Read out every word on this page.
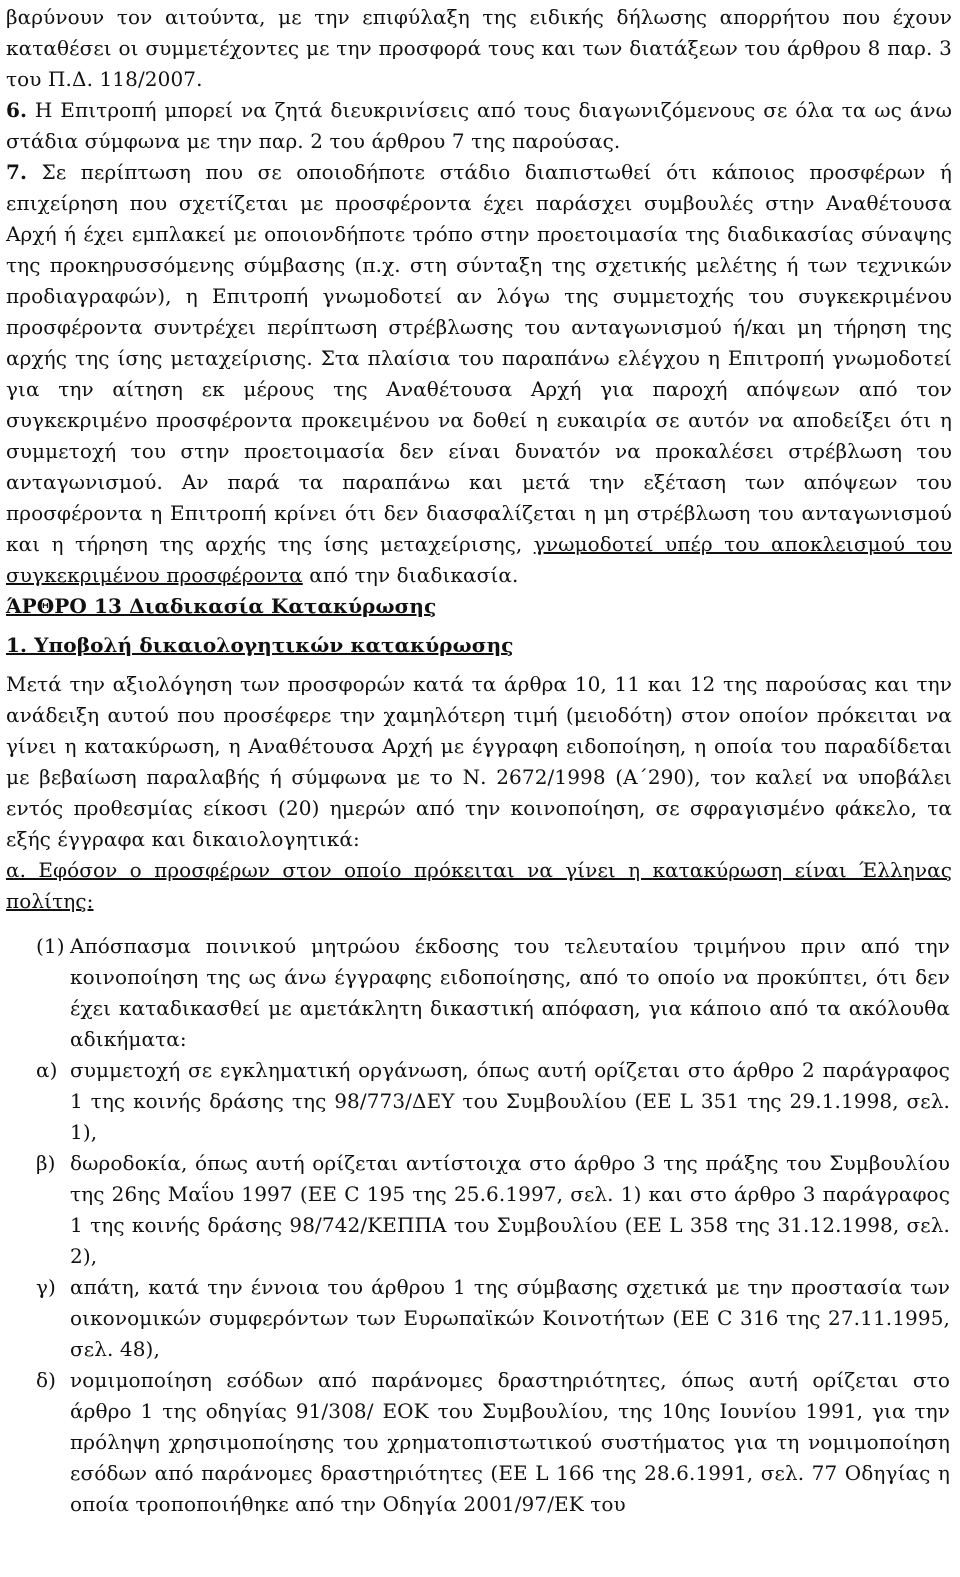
βαρύνουν τον αιτούντα, με την επιφύλαξη της ειδικής δήλωσης απορρήτου που έχουν καταθέσει οι συμμετέχοντες με την προσφορά τους και των διατάξεων του άρθρου 8 παρ. 3 του Π.Δ. 118/2007.

6. Η Επιτροπή μπορεί να ζητά διευκρινίσεις από τους διαγωνιζόμενους σε όλα τα ως άνω στάδια σύμφωνα με την παρ. 2 του άρθρου 7 της παρούσας.

7. Σε περίπτωση που σε οποιοδήποτε στάδιο διαπιστωθεί ότι κάποιος προσφέρων ή επιχείρηση που σχετίζεται με προσφέροντα έχει παράσχει συμβουλές στην Αναθέτουσα Αρχή ή έχει εμπλακεί με οποιονδήποτε τρόπο στην προετοιμασία της διαδικασίας σύναψης της προκηρυσσόμενης σύμβασης (π.χ. στη σύνταξη της σχετικής μελέτης ή των τεχνικών προδιαγραφών), η Επιτροπή γνωμοδοτεί αν λόγω της συμμετοχής του συγκεκριμένου προσφέροντα συντρέχει περίπτωση στρέβλωσης του ανταγωνισμού ή/και μη τήρηση της αρχής της ίσης μεταχείρισης. Στα πλαίσια του παραπάνω ελέγχου η Επιτροπή γνωμοδοτεί για την αίτηση εκ μέρους της Αναθέτουσα Αρχή για παροχή απόψεων από τον συγκεκριμένο προσφέροντα προκειμένου να δοθεί η ευκαιρία σε αυτόν να αποδείξει ότι η συμμετοχή του στην προετοιμασία δεν είναι δυνατόν να προκαλέσει στρέβλωση του ανταγωνισμού. Αν παρά τα παραπάνω και μετά την εξέταση των απόψεων του προσφέροντα η Επιτροπή κρίνει ότι δεν διασφαλίζεται η μη στρέβλωση του ανταγωνισμού και η τήρηση της αρχής της ίσης μεταχείρισης, γνωμοδοτεί υπέρ του αποκλεισμού του συγκεκριμένου προσφέροντα από την διαδικασία.

ΆΡΘΡΟ 13 Διαδικασία Κατακύρωσης

1. Υποβολή δικαιολογητικών κατακύρωσης

Μετά την αξιολόγηση των προσφορών κατά τα άρθρα 10, 11 και 12 της παρούσας και την ανάδειξη αυτού που προσέφερε την χαμηλότερη τιμή (μειοδότη) στον οποίον πρόκειται να γίνει η κατακύρωση, η Αναθέτουσα Αρχή με έγγραφη ειδοποίηση, η οποία του παραδίδεται με βεβαίωση παραλαβής ή σύμφωνα με το Ν. 2672/1998 (Α΄290), τον καλεί να υποβάλει εντός προθεσμίας είκοσι (20) ημερών από την κοινοποίηση, σε σφραγισμένο φάκελο, τα εξής έγγραφα και δικαιολογητικά:

α. Εφόσον ο προσφέρων στον οποίο πρόκειται να γίνει η κατακύρωση είναι Έλληνας πολίτης:

(1) Απόσπασμα ποινικού μητρώου έκδοσης του τελευταίου τριμήνου πριν από την κοινοποίηση της ως άνω έγγραφης ειδοποίησης, από το οποίο να προκύπτει, ότι δεν έχει καταδικασθεί με αμετάκλητη δικαστική απόφαση, για κάποιο από τα ακόλουθα αδικήματα:
α) συμμετοχή σε εγκληματική οργάνωση, όπως αυτή ορίζεται στο άρθρο 2 παράγραφος 1 της κοινής δράσης της 98/773/ΔΕΥ του Συμβουλίου (ΕΕ L 351 της 29.1.1998, σελ. 1),
β) δωροδοκία, όπως αυτή ορίζεται αντίστοιχα στο άρθρο 3 της πράξης του Συμβουλίου της 26ης Μαΐου 1997 (ΕΕ C 195 της 25.6.1997, σελ. 1) και στο άρθρο 3 παράγραφος 1 της κοινής δράσης 98/742/ΚΕΠΠΑ του Συμβουλίου (ΕΕ L 358 της 31.12.1998, σελ. 2),
γ) απάτη, κατά την έννοια του άρθρου 1 της σύμβασης σχετικά με την προστασία των οικονομικών συμφερόντων των Ευρωπαϊκών Κοινοτήτων (ΕΕ C 316 της 27.11.1995, σελ. 48),
δ) νομιμοποίηση εσόδων από παράνομες δραστηριότητες, όπως αυτή ορίζεται στο άρθρο 1 της οδηγίας 91/308/ ΕΟΚ του Συμβουλίου, της 10ης Ιουνίου 1991, για την πρόληψη χρησιμοποίησης του χρηματοπιστωτικού συστήματος για τη νομιμοποίηση εσόδων από παράνομες δραστηριότητες (ΕΕ L 166 της 28.6.1991, σελ. 77 Οδηγίας η οποία τροποποιήθηκε από την Οδηγία 2001/97/ΕΚ του
